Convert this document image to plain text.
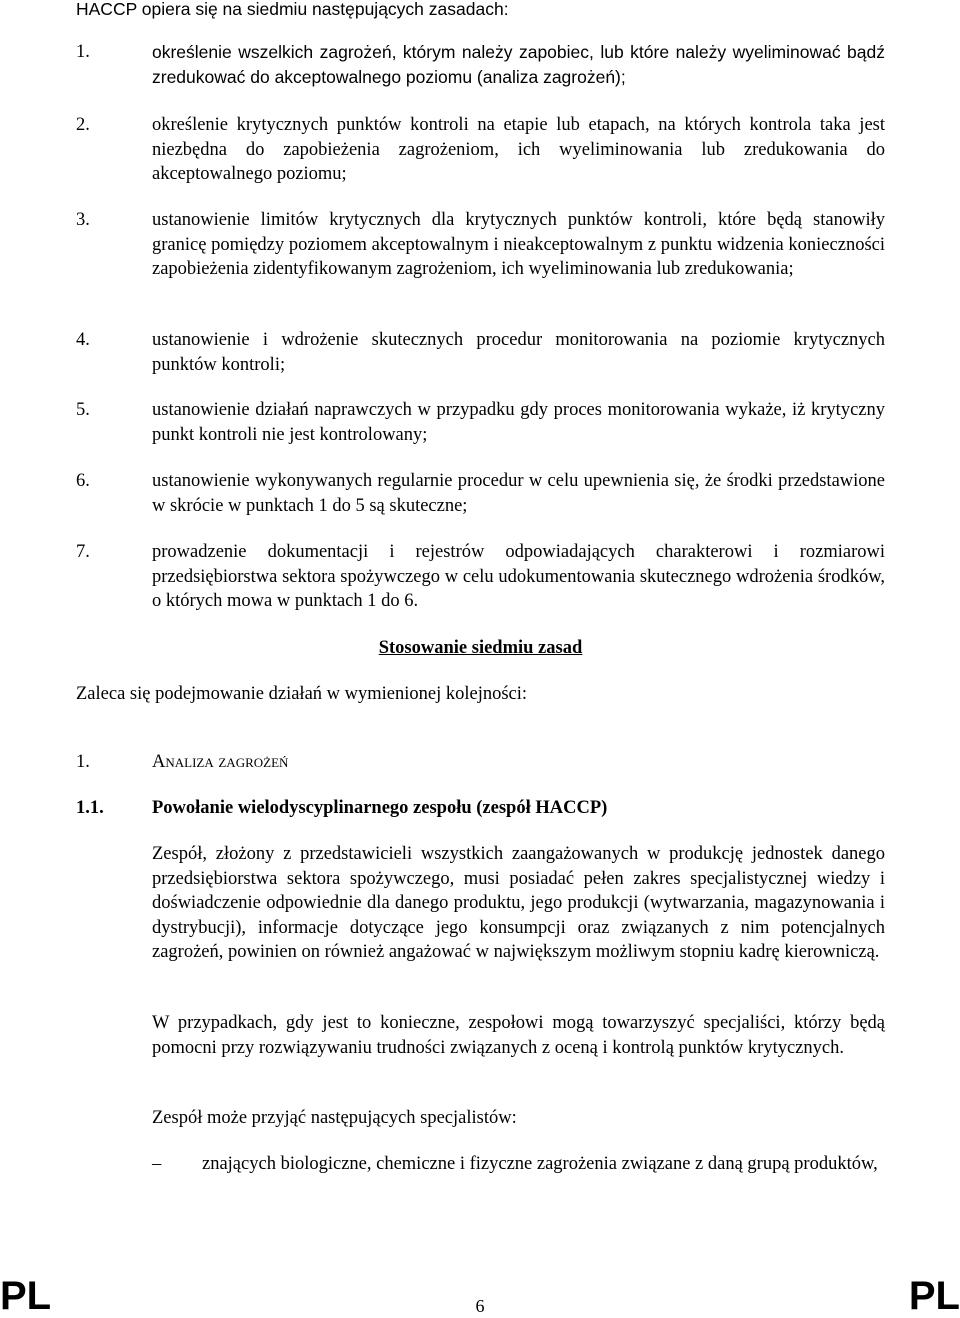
HACCP opiera się na siedmiu następujących zasadach:

1.	określenie wszelkich zagrożeń, którym należy zapobiec, lub które należy wyeliminować bądź zredukować do akceptowalnego poziomu (analiza zagrożeń);
2.	określenie krytycznych punktów kontroli na etapie lub etapach, na których kontrola taka jest niezbędna do zapobieżenia zagrożeniom, ich wyeliminowania lub zredukowania do akceptowalnego poziomu;
3.	ustanowienie limitów krytycznych dla krytycznych punktów kontroli, które będą stanowiły granicę pomiędzy poziomem akceptowalnym i nieakceptowalnym z punktu widzenia konieczności zapobieżenia zidentyfikowanym zagrożeniom, ich wyeliminowania lub zredukowania;
4.	ustanowienie i wdrożenie skutecznych procedur monitorowania na poziomie krytycznych punktów kontroli;
5.	ustanowienie działań naprawczych w przypadku gdy proces monitorowania wykaże, iż krytyczny punkt kontroli nie jest kontrolowany;
6.	ustanowienie wykonywanych regularnie procedur w celu upewnienia się, że środki przedstawione w skrócie w punktach 1 do 5 są skuteczne;
7.	prowadzenie dokumentacji i rejestrów odpowiadających charakterowi i rozmiarowi przedsiębiorstwa sektora spożywczego w celu udokumentowania skutecznego wdrożenia środków, o których mowa w punktach 1 do 6.
Stosowanie siedmiu zasad
Zaleca się podejmowanie działań w wymienionej kolejności:
1.	Analiza zagrożeń
1.1.	Powołanie wielodyscyplinarnego zespołu (zespół HACCP)

Zespół, złożony z przedstawicieli wszystkich zaangażowanych w produkcję jednostek danego przedsiębiorstwa sektora spożywczego, musi posiadać pełen zakres specjalistycznej wiedzy i doświadczenie odpowiednie dla danego produktu, jego produkcji (wytwarzania, magazynowania i dystrybucji), informacje dotyczące jego konsumpcji oraz związanych z nim potencjalnych zagrożeń, powinien on również angażować w największym możliwym stopniu kadrę kierowniczą.

W przypadkach, gdy jest to konieczne, zespołowi mogą towarzyszyć specjaliści, którzy będą pomocni przy rozwiązywaniu trudności związanych z oceną i kontrolą punktów krytycznych.

Zespół może przyjąć następujących specjalistów:

– znających biologiczne, chemiczne i fizyczne zagrożenia związane z daną grupą produktów,
PL	6	PL
